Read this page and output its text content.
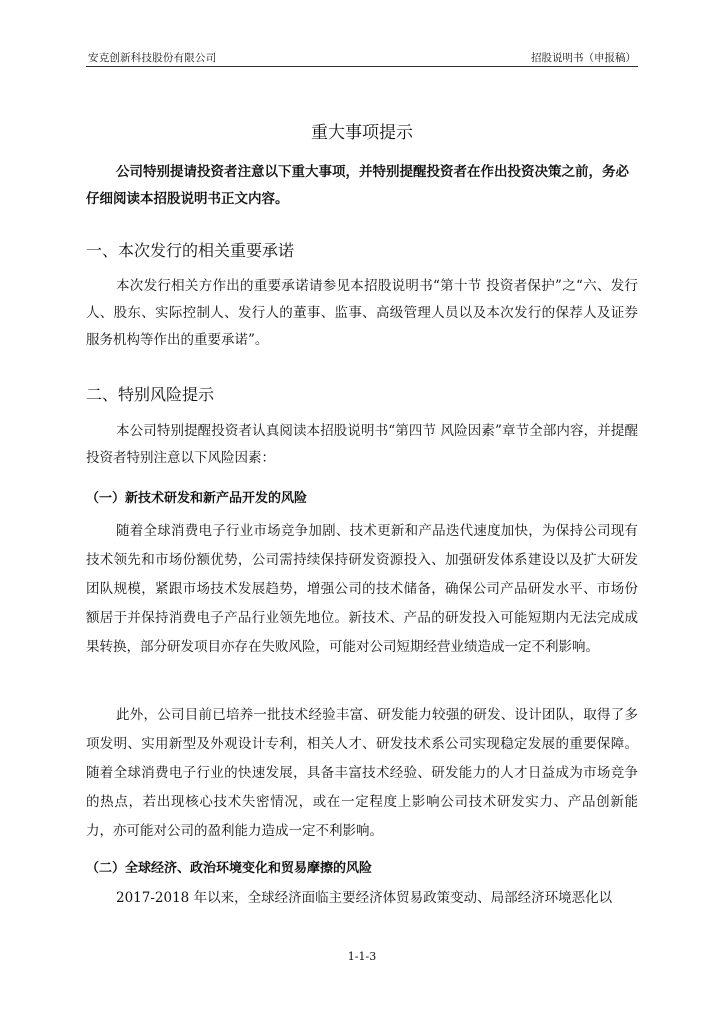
安克创新科技股份有限公司	招股说明书（申报稿）
重大事项提示
公司特别提请投资者注意以下重大事项，并特别提醒投资者在作出投资决策之前，务必仔细阅读本招股说明书正文内容。
一、本次发行的相关重要承诺
本次发行相关方作出的重要承诺请参见本招股说明书“第十节 投资者保护”之“六、发行人、股东、实际控制人、发行人的董事、监事、高级管理人员以及本次发行的保荐人及证券服务机构等作出的重要承诺”。
二、特别风险提示
本公司特别提醒投资者认真阅读本招股说明书“第四节 风险因素”章节全部内容，并提醒投资者特别注意以下风险因素：
（一）新技术研发和新产品开发的风险
随着全球消费电子行业市场竞争加剧、技术更新和产品迭代速度加快，为保持公司现有技术领先和市场份额优势，公司需持续保持研发资源投入、加强研发体系建设以及扩大研发团队规模，紧跟市场技术发展趋势，增强公司的技术储备，确保公司产品研发水平、市场份额居于并保持消费电子产品行业领先地位。新技术、产品的研发投入可能短期内无法完成成果转换，部分研发项目亦存在失败风险，可能对公司短期经营业绩造成一定不利影响。
此外，公司目前已培养一批技术经验丰富、研发能力较强的研发、设计团队，取得了多项发明、实用新型及外观设计专利，相关人才、研发技术系公司实现稳定发展的重要保障。随着全球消费电子行业的快速发展，具备丰富技术经验、研发能力的人才日益成为市场竞争的热点，若出现核心技术失密情况，或在一定程度上影响公司技术研发实力、产品创新能力，亦可能对公司的盈利能力造成一定不利影响。
（二）全球经济、政治环境变化和贸易摩擦的风险
2017-2018 年以来，全球经济面临主要经济体贸易政策变动、局部经济环境恶化以
1-1-3
